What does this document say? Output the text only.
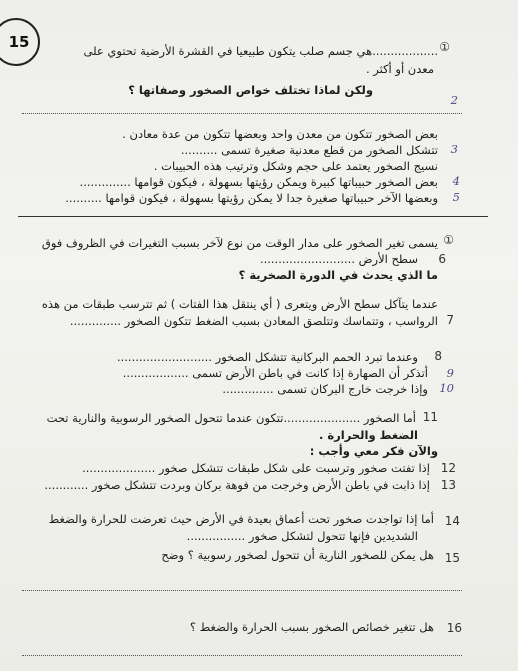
15	..................هي جسم صلب يتكون طبيعيا في القشرة الأرضية تحتوي على ①
معدن أو أكثر .
ولكن لماذا تختلف خواص الصخور وصفاتها ؟
2
بعض الصخور تتكون من معدن واحد وبعضها تتكون من عدة معادن .
3
تتشكل الصخور من قطع معدنية صغيرة تسمى ..........
نسيج الصخور يعتمد على حجم وشكل وترتيب هذه الحبيبات .
4
بعض الصخور حبيباتها كبيرة ويمكن رؤيتها بسهولة ، فيكون قوامها ..............
5
وبعضها الآخر حبيباتها صغيرة جدا لا يمكن رؤيتها بسهولة ، فيكون قوامها ..........
①
يسمى تغير الصخور على مدار الوقت من نوع لآخر بسبب التغيرات في الظروف فوق
6
سطح الأرض ..........................
ما الذي يحدث في الدورة الصخرية ؟
عندما يتآكل سطح الأرض ويتعرى ( أي ينتقل هذا الفتات ) ثم تترسب طبقات من هذه
7
الرواسب ، وتتماسك وتتلصق المعادن بسبب الضغط تتكون الصخور ..............
8
وعندما تبرد الحمم البركانية تتشكل الصخور ..........................
9
أتذكر أن الصهارة إذا كانت في باطن الأرض تسمى ..................
10
وإذا خرجت خارج البركان تسمى ..............
11
أما الصخور .....................تتكون عندما تتحول الصخور الرسوبية والنارية تحت
الضغط والحرارة .
والآن فكر معي وأجب :
12
إذا تفتت صخور وترسبت على شكل طبقات تتشكل صخور ....................
13
إذا ذابت في باطن الأرض وخرجت من فوهة بركان وبردت تتشكل صخور ............
14
أما إذا تواجدت صخور تحت أعماق بعيدة في الأرض حيث تعرضت للحرارة والضغط
الشديدين فإنها تتحول لتشكل صخور ................
15
هل يمكن للصخور النارية أن تتحول لصخور رسوبية ؟ وضح
16
هل تتغير خصائص الصخور بسبب الحرارة والضغط ؟
